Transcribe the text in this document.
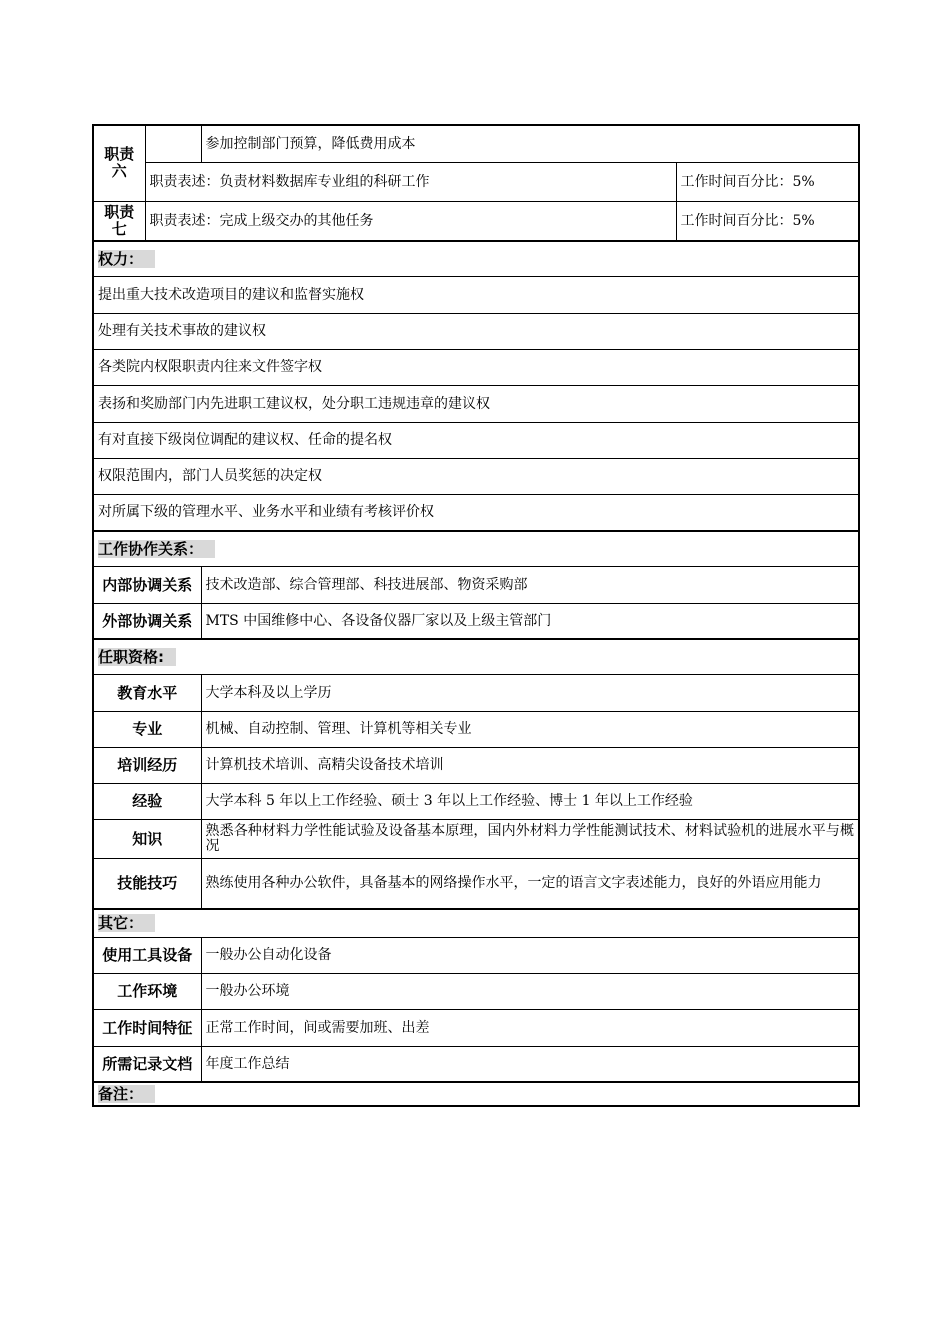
职责
六		参加控制部门预算，降低费用成本	
	职责表述：负责材料数据库专业组的科研工作		工作时间百分比：5%
职责
七	职责表述：完成上级交办的其他任务		工作时间百分比：5%
权力：			
提出重大技术改造项目的建议和监督实施权			
处理有关技术事故的建议权			
各类院内权限职责内往来文件签字权			
表扬和奖励部门内先进职工建议权，处分职工违规违章的建议权			
有对直接下级岗位调配的建议权、任命的提名权			
权限范围内，部门人员奖惩的决定权			
对所属下级的管理水平、业务水平和业绩有考核评价权			
工作协作关系：			
内部协调关系		技术改造部、综合管理部、科技进展部、物资采购部	
外部协调关系		MTS 中国维修中心、各设备仪器厂家以及上级主管部门	
任职资格:			
教育水平		大学本科及以上学历	
专业		机械、自动控制、管理、计算机等相关专业	
培训经历		计算机技术培训、高精尖设备技术培训	
经验		大学本科 5 年以上工作经验、硕士 3 年以上工作经验、博士 1 年以上工作经验	
知识		熟悉各种材料力学性能试验及设备基本原理，国内外材料力学性能测试技术、材料试验机的进展水平与概况	
技能技巧		熟练使用各种办公软件，具备基本的网络操作水平，一定的语言文字表述能力，良好的外语应用能力	
其它：			
使用工具设备		一般办公自动化设备	
工作环境		一般办公环境	
工作时间特征		正常工作时间，间或需要加班、出差	
所需记录文档		年度工作总结	
备注：			
